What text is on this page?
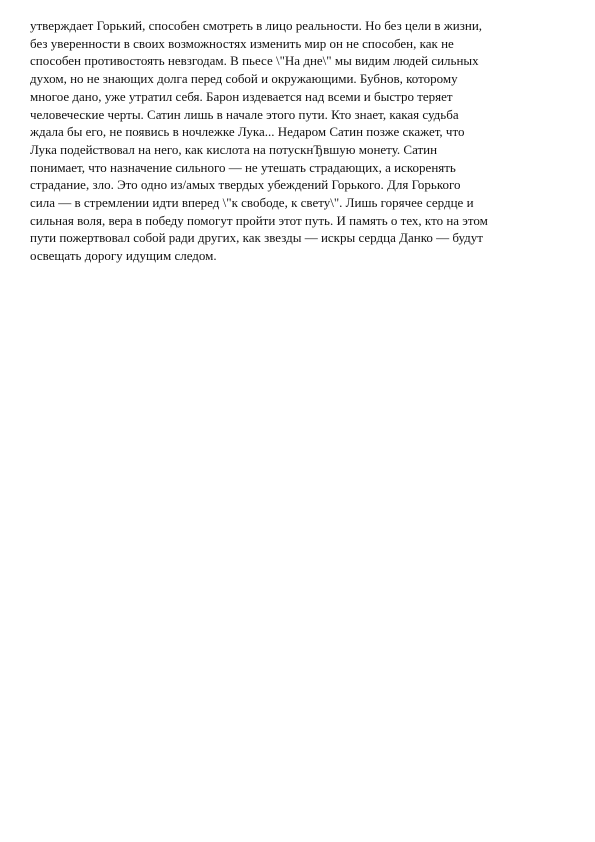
утверждает Горький, способен смотреть в лицо реальности. Но без цели в жизни,
без уверенности в своих возможностях изменить мир он не способен, как не
способен противостоять невзгодам. В пьесе \"На дне\" мы видим людей сильных
духом, но не знающих долга перед собой и окружающими. Бубнов, которому
многое дано, уже утратил себя. Барон издевается над всеми и быстро теряет
человеческие черты. Сатин лишь в начале этого пути. Кто знает, какая судьба
ждала бы его, не появись в ночлежке Лука... Недаром Сатин позже скажет, что
Лука подействовал на него, как кислота на потускнЂвшую монету. Сатин
понимает, что назначение сильного — не утешать страдающих, а искоренять
страдание, зло. Это одно из/амых твердых убеждений Горького. Для Горького
сила — в стремлении идти вперед \"к свободе, к свету\". Лишь горячее сердце и
сильная воля, вера в победу помогут пройти этот путь. И память о тех, кто на этом
пути пожертвовал собой ради других, как звезды — искры сердца Данко — будут
освещать дорогу идущим следом.
